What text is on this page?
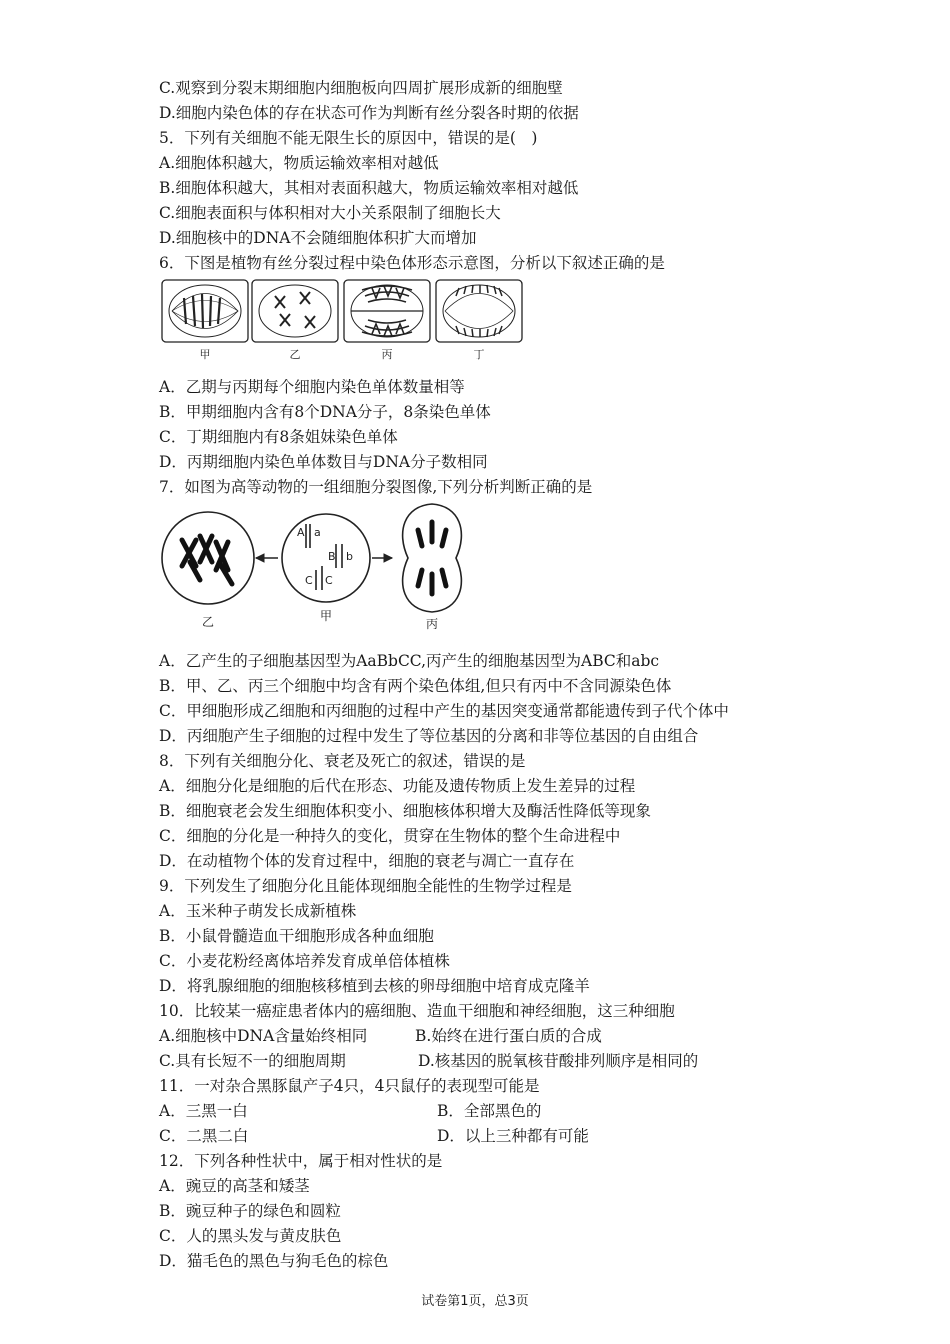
C.观察到分裂末期细胞内细胞板向四周扩展形成新的细胞壁
D.细胞内染色体的存在状态可作为判断有丝分裂各时期的依据
5．下列有关细胞不能无限生长的原因中，错误的是(　)
A.细胞体积越大，物质运输效率相对越低
B.细胞体积越大，其相对表面积越大，物质运输效率相对越低
C.细胞表面积与体积相对大小关系限制了细胞长大
D.细胞核中的DNA不会随细胞体积扩大而增加
6．下图是植物有丝分裂过程中染色体形态示意图，分析以下叙述正确的是
甲	乙	丙	丁
A．乙期与丙期每个细胞内染色单体数量相等
B．甲期细胞内含有8个DNA分子，8条染色单体
C．丁期细胞内有8条姐妹染色单体
D．丙期细胞内染色单体数目与DNA分子数相同
7．如图为高等动物的一组细胞分裂图像,下列分析判断正确的是
A a
B b
C C
乙	甲
丙
A．乙产生的子细胞基因型为AaBbCC,丙产生的细胞基因型为ABC和abc
B．甲、乙、丙三个细胞中均含有两个染色体组,但只有丙中不含同源染色体
C．甲细胞形成乙细胞和丙细胞的过程中产生的基因突变通常都能遗传到子代个体中
D．丙细胞产生子细胞的过程中发生了等位基因的分离和非等位基因的自由组合
8．下列有关细胞分化、衰老及死亡的叙述，错误的是
A．细胞分化是细胞的后代在形态、功能及遗传物质上发生差异的过程
B．细胞衰老会发生细胞体积变小、细胞核体积增大及酶活性降低等现象
C．细胞的分化是一种持久的变化，贯穿在生物体的整个生命进程中
D．在动植物个体的发育过程中，细胞的衰老与凋亡一直存在
9．下列发生了细胞分化且能体现细胞全能性的生物学过程是
A．玉米种子萌发长成新植株
B．小鼠骨髓造血干细胞形成各种血细胞
C．小麦花粉经离体培养发育成单倍体植株
D．将乳腺细胞的细胞核移植到去核的卵母细胞中培育成克隆羊
10．比较某一癌症患者体内的癌细胞、造血干细胞和神经细胞，这三种细胞
A.细胞核中DNA含量始终相同	B.始终在进行蛋白质的合成
C.具有长短不一的细胞周期	D.核基因的脱氧核苷酸排列顺序是相同的
11．一对杂合黑豚鼠产子4只，4只鼠仔的表现型可能是
A．三黑一白	B．全部黑色的
C．二黑二白	D．以上三种都有可能
12．下列各种性状中，属于相对性状的是
A．豌豆的高茎和矮茎
B．豌豆种子的绿色和圆粒
C．人的黑头发与黄皮肤色
D．猫毛色的黑色与狗毛色的棕色
试卷第1页，总3页
